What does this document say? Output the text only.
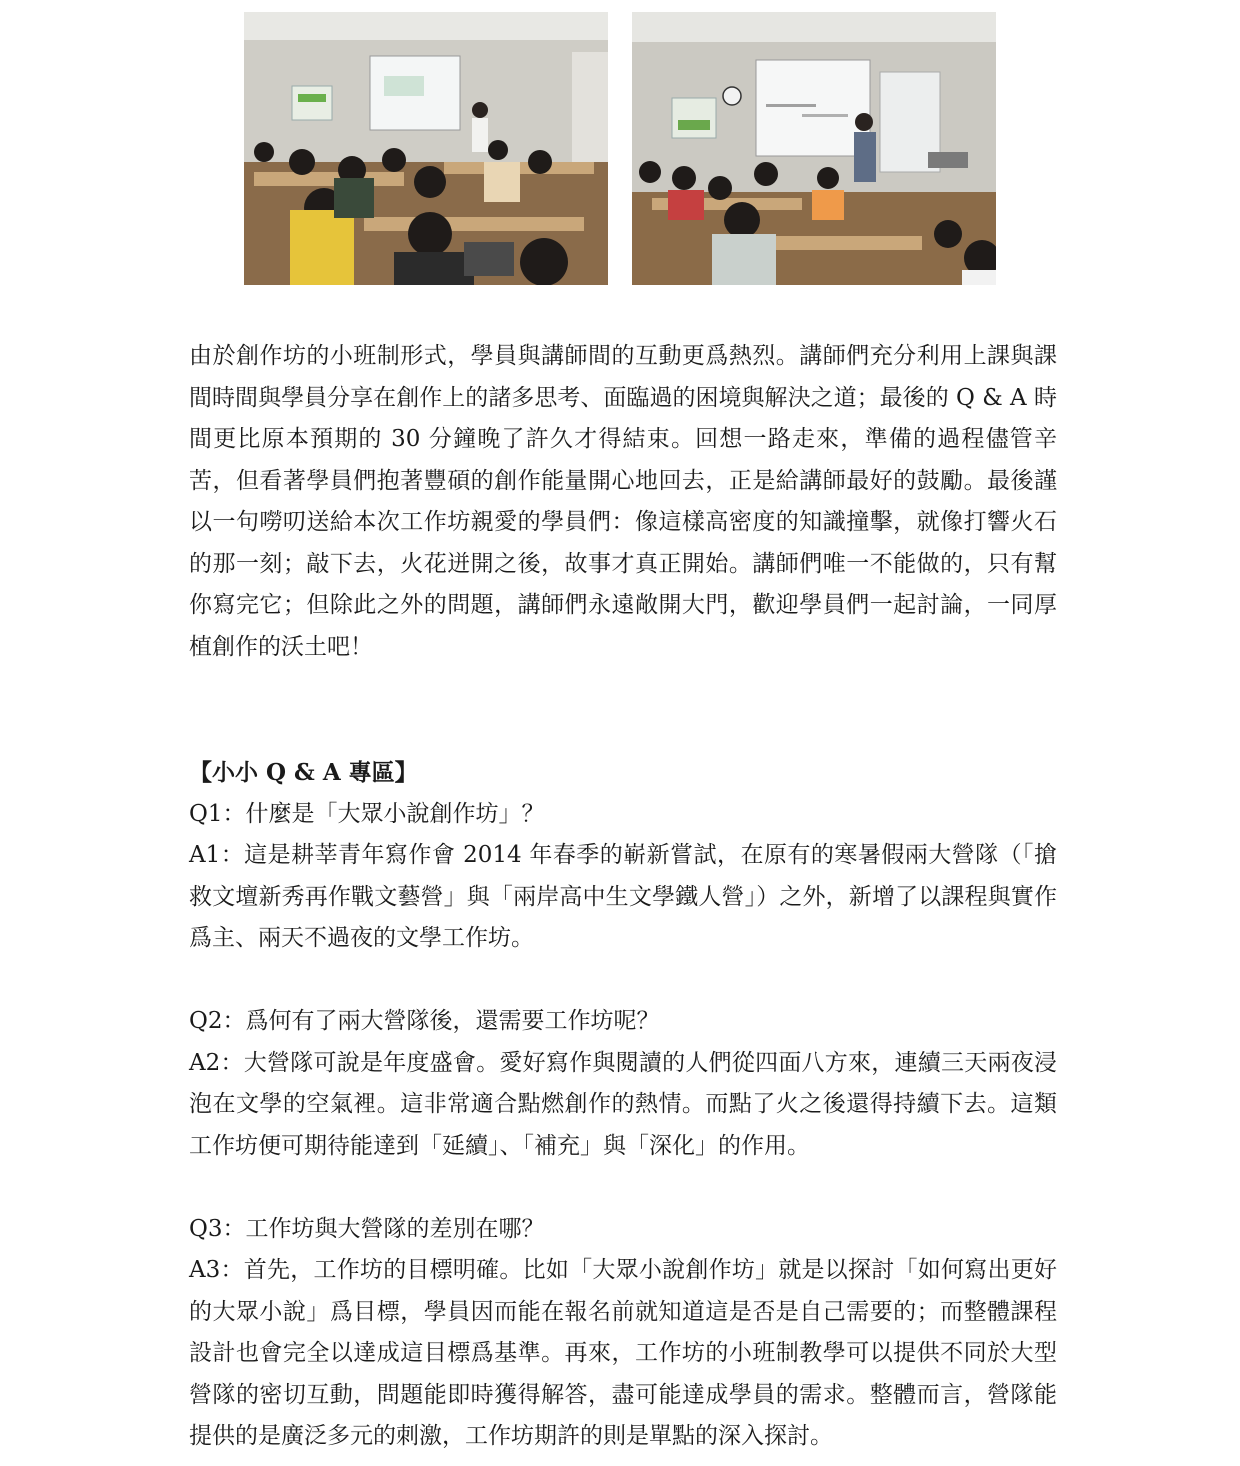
由於創作坊的小班制形式，學員與講師間的互動更爲熱烈。講師們充分利用上課與課間時間與學員分享在創作上的諸多思考、面臨過的困境與解決之道；最後的 Q & A 時間更比原本預期的 30 分鐘晚了許久才得結束。回想一路走來，準備的過程儘管辛苦，但看著學員們抱著豐碩的創作能量開心地回去，正是給講師最好的鼓勵。最後謹以一句嘮叨送給本次工作坊親愛的學員們：像這樣高密度的知識撞擊，就像打響火石的那一刻；敲下去，火花迸開之後，故事才真正開始。講師們唯一不能做的，只有幫你寫完它；但除此之外的問題，講師們永遠敞開大門，歡迎學員們一起討論，一同厚植創作的沃土吧！

【小小 Q & A 專區】

Q1：什麼是「大眾小說創作坊」？

A1：這是耕莘青年寫作會 2014 年春季的嶄新嘗試，在原有的寒暑假兩大營隊（「搶救文壇新秀再作戰文藝營」與「兩岸高中生文學鐵人營」）之外，新增了以課程與實作爲主、兩天不過夜的文學工作坊。

Q2：爲何有了兩大營隊後，還需要工作坊呢？

A2：大營隊可說是年度盛會。愛好寫作與閱讀的人們從四面八方來，連續三天兩夜浸泡在文學的空氣裡。這非常適合點燃創作的熱情。而點了火之後還得持續下去。這類工作坊便可期待能達到「延續」、「補充」與「深化」的作用。

Q3：工作坊與大營隊的差別在哪？

A3：首先，工作坊的目標明確。比如「大眾小說創作坊」就是以探討「如何寫出更好的大眾小說」爲目標，學員因而能在報名前就知道這是否是自己需要的；而整體課程設計也會完全以達成這目標爲基準。再來，工作坊的小班制教學可以提供不同於大型營隊的密切互動，問題能即時獲得解答，盡可能達成學員的需求。整體而言，營隊能提供的是廣泛多元的刺激，工作坊期許的則是單點的深入探討。
